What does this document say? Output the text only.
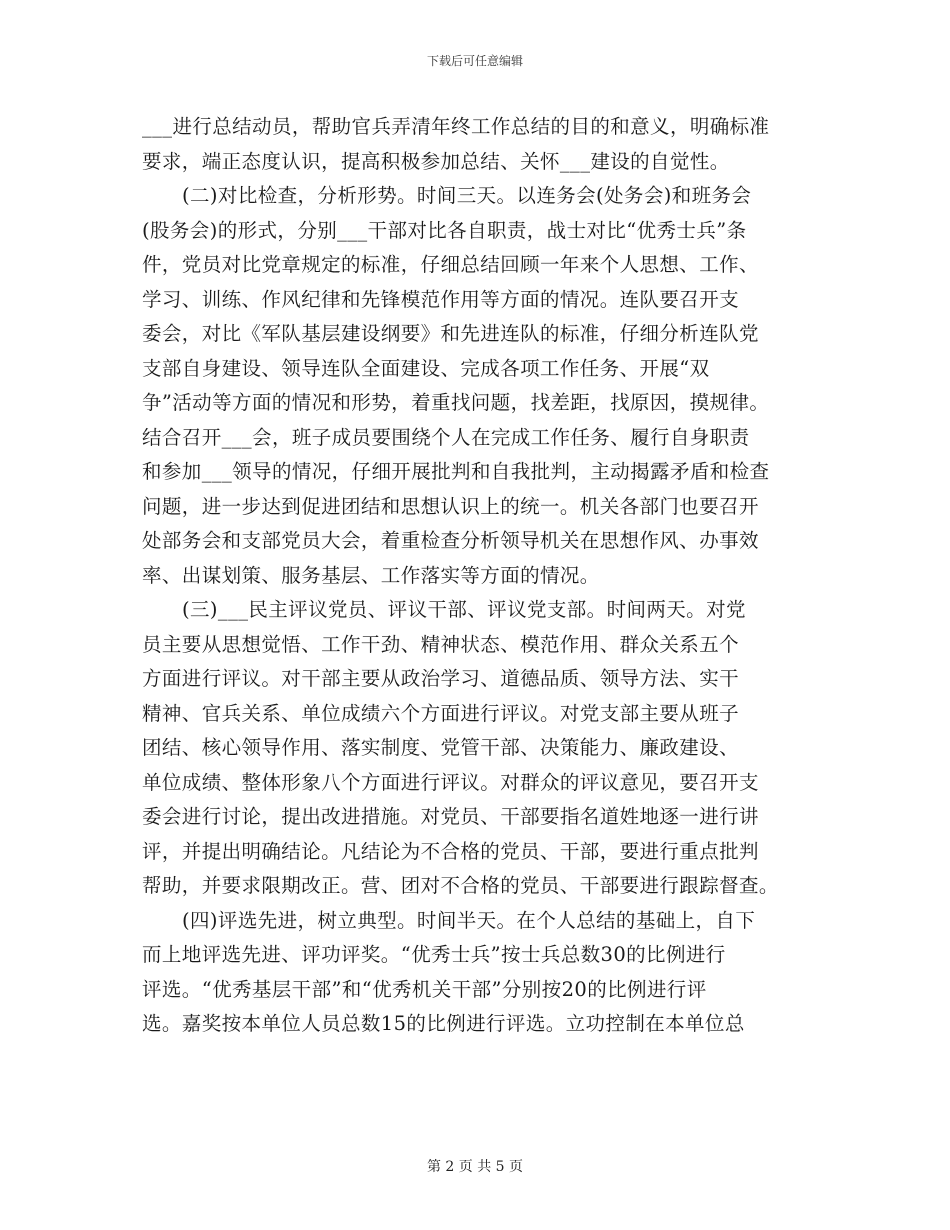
下载后可任意编辑
___进行总结动员，帮助官兵弄清年终工作总结的目的和意义，明确标准
要求，端正态度认识，提高积极参加总结、关怀___建设的自觉性。
(二)对比检查，分析形势。时间三天。以连务会(处务会)和班务会
(股务会)的形式，分别___干部对比各自职责，战士对比“优秀士兵”条
件，党员对比党章规定的标准，仔细总结回顾一年来个人思想、工作、
学习、训练、作风纪律和先锋模范作用等方面的情况。连队要召开支
委会，对比《军队基层建设纲要》和先进连队的标准，仔细分析连队党
支部自身建设、领导连队全面建设、完成各项工作任务、开展“双
争”活动等方面的情况和形势，着重找问题，找差距，找原因，摸规律。
结合召开___会，班子成员要围绕个人在完成工作任务、履行自身职责
和参加___领导的情况，仔细开展批判和自我批判，主动揭露矛盾和检查
问题，进一步达到促进团结和思想认识上的统一。机关各部门也要召开
处部务会和支部党员大会，着重检查分析领导机关在思想作风、办事效
率、出谋划策、服务基层、工作落实等方面的情况。
(三)___民主评议党员、评议干部、评议党支部。时间两天。对党
员主要从思想觉悟、工作干劲、精神状态、模范作用、群众关系五个
方面进行评议。对干部主要从政治学习、道德品质、领导方法、实干
精神、官兵关系、单位成绩六个方面进行评议。对党支部主要从班子
团结、核心领导作用、落实制度、党管干部、决策能力、廉政建设、
单位成绩、整体形象八个方面进行评议。对群众的评议意见，要召开支
委会进行讨论，提出改进措施。对党员、干部要指名道姓地逐一进行讲
评，并提出明确结论。凡结论为不合格的党员、干部，要进行重点批判
帮助，并要求限期改正。营、团对不合格的党员、干部要进行跟踪督查。
(四)评选先进，树立典型。时间半天。在个人总结的基础上，自下
而上地评选先进、评功评奖。“优秀士兵”按士兵总数30的比例进行
评选。“优秀基层干部”和“优秀机关干部”分别按20的比例进行评
选。嘉奖按本单位人员总数15的比例进行评选。立功控制在本单位总
第 2 页 共 5 页
